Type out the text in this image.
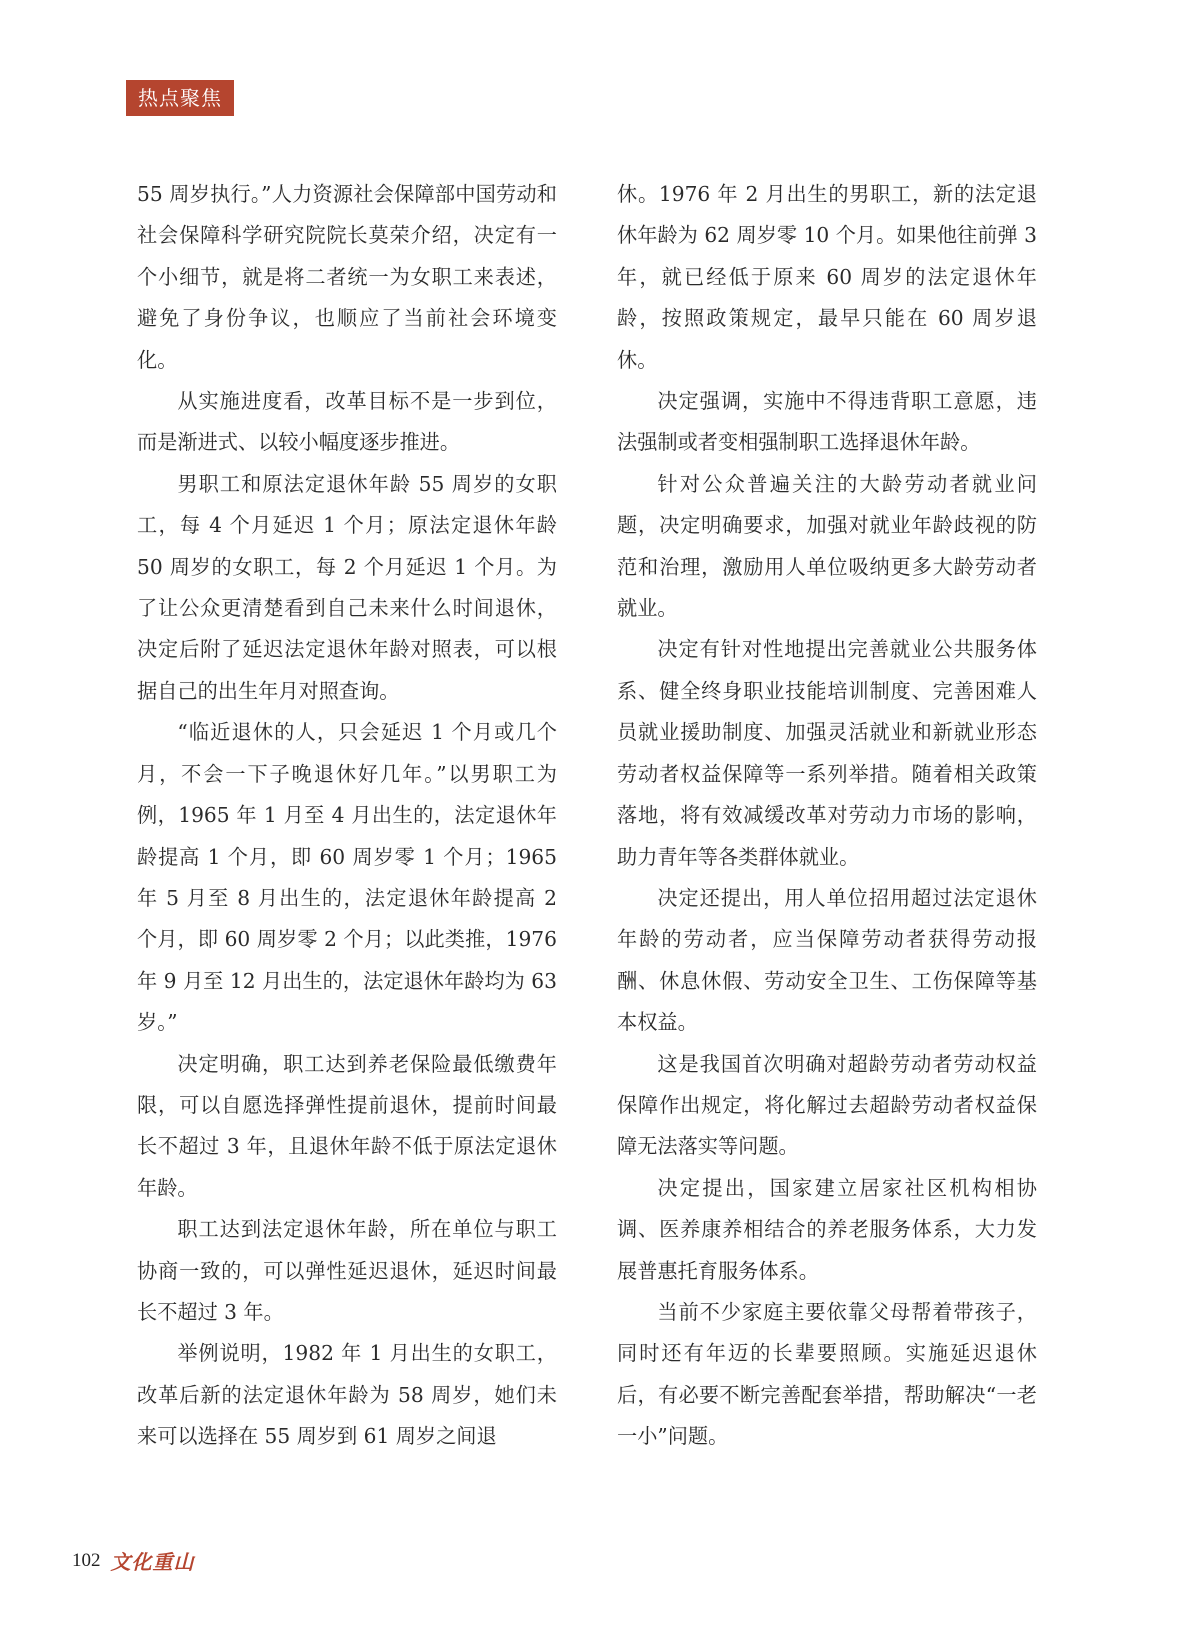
热点聚焦

55 周岁执行。”人力资源社会保障部中国劳动和社会保障科学研究院院长莫荣介绍，决定有一个小细节，就是将二者统一为女职工来表述，避免了身份争议，也顺应了当前社会环境变化。

从实施进度看，改革目标不是一步到位，而是渐进式、以较小幅度逐步推进。

男职工和原法定退休年龄 55 周岁的女职工，每 4 个月延迟 1 个月；原法定退休年龄 50 周岁的女职工，每 2 个月延迟 1 个月。为了让公众更清楚看到自己未来什么时间退休，决定后附了延迟法定退休年龄对照表，可以根据自己的出生年月对照查询。

“临近退休的人，只会延迟 1 个月或几个月，不会一下子晚退休好几年。”以男职工为例，1965 年 1 月至 4 月出生的，法定退休年龄提高 1 个月，即 60 周岁零 1 个月；1965 年 5 月至 8 月出生的，法定退休年龄提高 2 个月，即 60 周岁零 2 个月；以此类推，1976 年 9 月至 12 月出生的，法定退休年龄均为 63 岁。”

决定明确，职工达到养老保险最低缴费年限，可以自愿选择弹性提前退休，提前时间最长不超过 3 年，且退休年龄不低于原法定退休年龄。

职工达到法定退休年龄，所在单位与职工协商一致的，可以弹性延迟退休，延迟时间最长不超过 3 年。

举例说明，1982 年 1 月出生的女职工，改革后新的法定退休年龄为 58 周岁，她们未来可以选择在 55 周岁到 61 周岁之间退

休。1976 年 2 月出生的男职工，新的法定退休年龄为 62 周岁零 10 个月。如果他往前弹 3 年，就已经低于原来 60 周岁的法定退休年龄，按照政策规定，最早只能在 60 周岁退休。

决定强调，实施中不得违背职工意愿，违法强制或者变相强制职工选择退休年龄。

针对公众普遍关注的大龄劳动者就业问题，决定明确要求，加强对就业年龄歧视的防范和治理，激励用人单位吸纳更多大龄劳动者就业。

决定有针对性地提出完善就业公共服务体系、健全终身职业技能培训制度、完善困难人员就业援助制度、加强灵活就业和新就业形态劳动者权益保障等一系列举措。随着相关政策落地，将有效减缓改革对劳动力市场的影响，助力青年等各类群体就业。

决定还提出，用人单位招用超过法定退休年龄的劳动者，应当保障劳动者获得劳动报酬、休息休假、劳动安全卫生、工伤保障等基本权益。

这是我国首次明确对超龄劳动者劳动权益保障作出规定，将化解过去超龄劳动者权益保障无法落实等问题。

决定提出，国家建立居家社区机构相协调、医养康养相结合的养老服务体系，大力发展普惠托育服务体系。

当前不少家庭主要依靠父母帮着带孩子，同时还有年迈的长辈要照顾。实施延迟退休后，有必要不断完善配套举措，帮助解决“一老一小”问题。

102 文化重山
